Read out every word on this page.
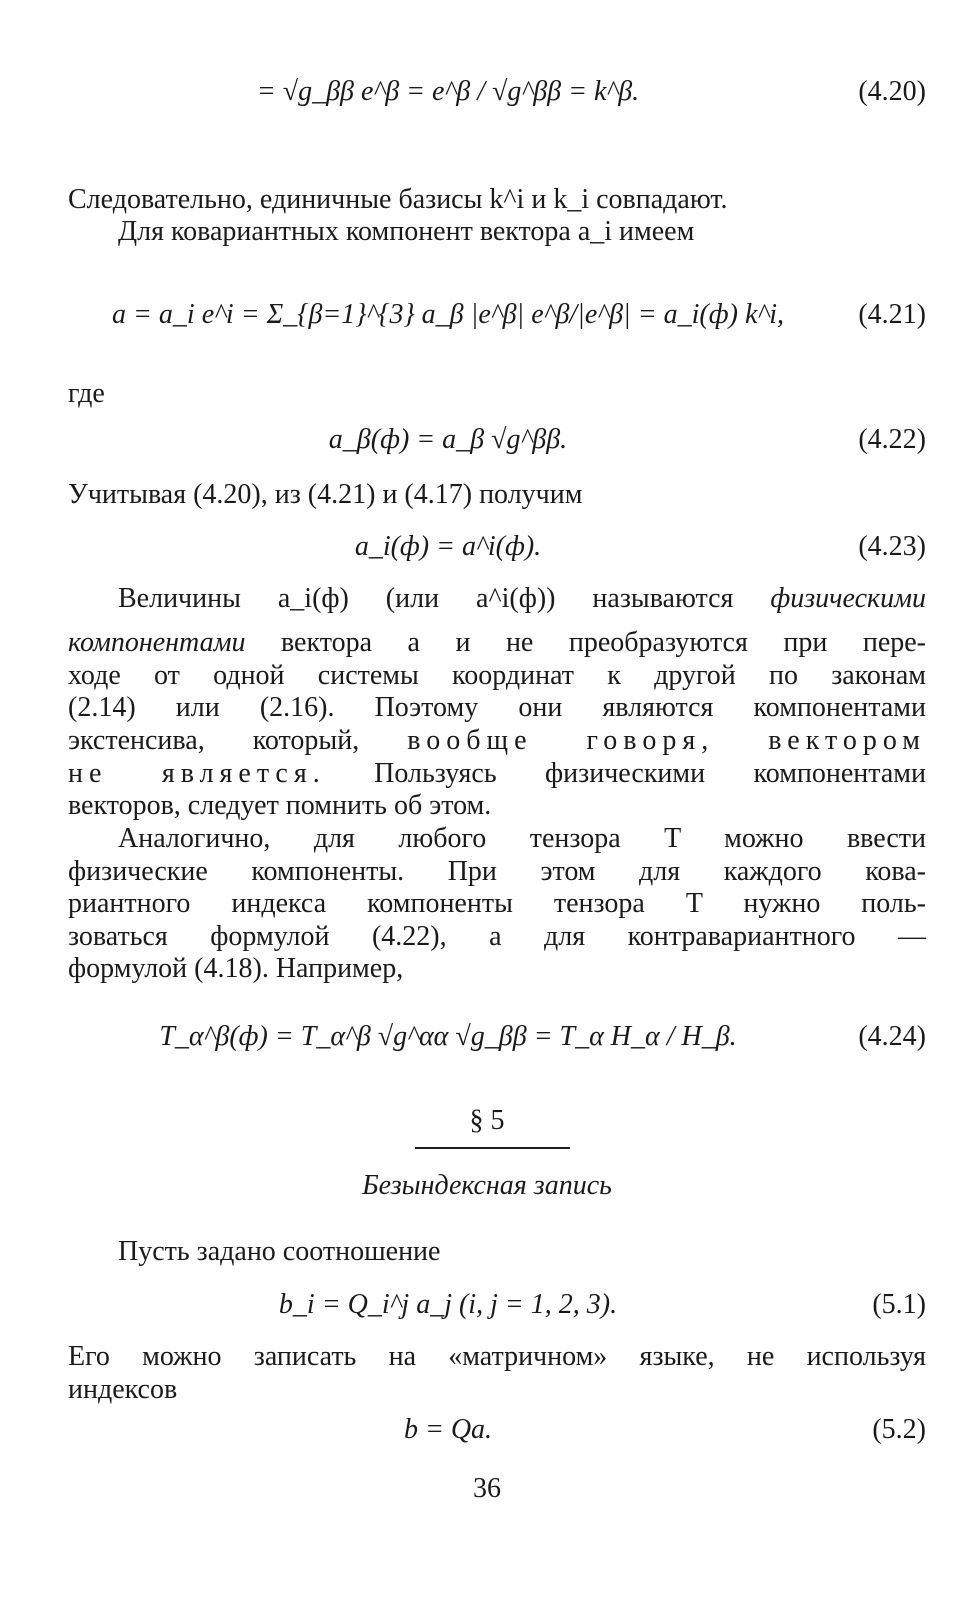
= √g_ββ e^β = e^β / √g^ββ = k^β.	(4.20)
Следовательно, единичные базисы k^i и k_i совпадают.
Для ковариантных компонент вектора a_i имеем
a = a_i e^i = Σ_{β=1}^{3} a_β |e^β| e^β/|e^β| = a_i(ф) k^i,	(4.21)
где
a_β(ф) = a_β √g^ββ.	(4.22)
Учитывая (4.20), из (4.21) и (4.17) получим
a_i(ф) = a^i(ф).	(4.23)
Величины a_i(ф) (или a^i(ф)) называются физическими
компонентами вектора a и не преобразуются при пере-
ходе от одной системы координат к другой по законам
(2.14) или (2.16). Поэтому они являются компонентами
экстенсива, который, вообще говоря, вектором
не является. Пользуясь физическими компонентами
векторов, следует помнить об этом.
Аналогично, для любого тензора T можно ввести
физические компоненты. При этом для каждого кова-
риантного индекса компоненты тензора T нужно поль-
зоваться формулой (4.22), а для контравариантного —
формулой (4.18). Например,
T_α^β(ф) = T_α^β √g^αα √g_ββ = T_α H_α / H_β.	(4.24)
§ 5
Безындексная запись
Пусть задано соотношение
b_i = Q_i^j a_j (i, j = 1, 2, 3).	(5.1)
Его можно записать на «матричном» языке, не используя
индексов
b = Qa.	(5.2)
36
